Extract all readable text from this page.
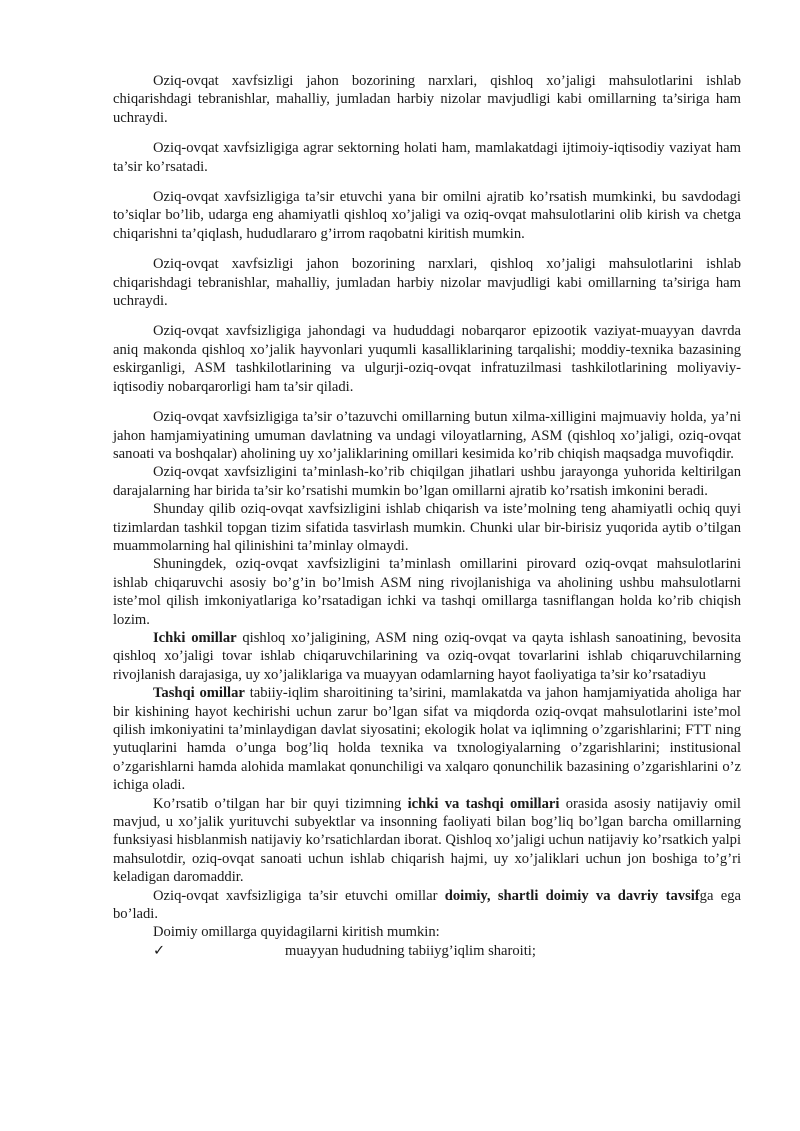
Oziq-ovqat xavfsizligi jahon bozorining narxlari, qishloq xo’jaligi mahsulotlarini ishlab chiqarishdagi tebranishlar, mahalliy, jumladan harbiy nizolar mavjudligi kabi omillarning ta’siriga ham uchraydi.

Oziq-ovqat xavfsizligiga agrar sektorning holati ham, mamlakatdagi ijtimoiy-iqtisodiy vaziyat ham ta’sir ko’rsatadi.

Oziq-ovqat xavfsizligiga ta’sir etuvchi yana bir omilni ajratib ko’rsatish mumkinki, bu savdodagi to’siqlar bo’lib, udarga eng ahamiyatli qishloq xo’jaligi va oziq-ovqat mahsulotlarini olib kirish va chetga chiqarishni ta’qiqlash, hududlararo g’irrom raqobatni kiritish mumkin.

Oziq-ovqat xavfsizligi jahon bozorining narxlari, qishloq xo’jaligi mahsulotlarini ishlab chiqarishdagi tebranishlar, mahalliy, jumladan harbiy nizolar mavjudligi kabi omillarning ta’siriga ham uchraydi.

Oziq-ovqat xavfsizligiga jahondagi va hududdagi nobarqaror epizootik vaziyat-muayyan davrda aniq makonda qishloq xo’jalik hayvonlari yuqumli kasalliklarining tarqalishi; moddiy-texnika bazasining eskirganligi, ASM tashkilotlarining va ulgurji-oziq-ovqat infratuzilmasi tashkilotlarining moliyaviy-iqtisodiy nobarqarorligi ham ta’sir qiladi.

Oziq-ovqat xavfsizligiga ta’sir o’tazuvchi omillarning butun xilma-xilligini majmuaviy holda, ya’ni jahon hamjamiyatining umuman davlatning va undagi viloyatlarning, ASM (qishloq xo’jaligi, oziq-ovqat sanoati va boshqalar) aholining uy xo’jaliklarining omillari kesimida ko’rib chiqish maqsadga muvofiqdir.

Oziq-ovqat xavfsizligini ta’minlash-ko’rib chiqilgan jihatlari ushbu jarayonga yuhorida keltirilgan darajalarning har birida ta’sir ko’rsatishi mumkin bo’lgan omillarni ajratib ko’rsatish imkonini beradi.

Shunday qilib oziq-ovqat xavfsizligini ishlab chiqarish va iste’molning teng ahamiyatli ochiq quyi tizimlardan tashkil topgan tizim sifatida tasvirlash mumkin. Chunki ular bir-birisiz yuqorida aytib o’tilgan muammolarning hal qilinishini ta’minlay olmaydi.

Shuningdek, oziq-ovqat xavfsizligini ta’minlash omillarini pirovard oziq-ovqat mahsulotlarini ishlab chiqaruvchi asosiy bo’g’in bo’lmish ASM ning rivojlanishiga va aholining ushbu mahsulotlarni iste’mol qilish imkoniyatlariga ko’rsatadigan ichki va tashqi omillarga tasniflangan holda ko’rib chiqish lozim.

Ichki omillar qishloq xo’jaligining, ASM ning oziq-ovqat va qayta ishlash sanoatining, bevosita qishloq xo’jaligi tovar ishlab chiqaruvchilarining va oziq-ovqat tovarlarini ishlab chiqaruvchilarning rivojlanish darajasiga, uy xo’jaliklariga va muayyan odamlarning hayot faoliyatiga ta’sir ko’rsatadiyu

Tashqi omillar tabiiy-iqlim sharoitining ta’sirini, mamlakatda va jahon hamjamiyatida aholiga har bir kishining hayot kechirishi uchun zarur bo’lgan sifat va miqdorda oziq-ovqat mahsulotlarini iste’mol qilish imkoniyatini ta’minlaydigan davlat siyosatini; ekologik holat va iqlimning o’zgarishlarini; FTT ning yutuqlarini hamda o’unga bog’liq holda texnika va txnologiyalarning o’zgarishlarini; institusional o’zgarishlarni hamda alohida mamlakat qonunchiligi va xalqaro qonunchilik bazasining o’zgarishlarini o’z ichiga oladi.

Ko’rsatib o’tilgan har bir quyi tizimning ichki va tashqi omillari orasida asosiy natijaviy omil mavjud, u xo’jalik yurituvchi subyektlar va insonning faoliyati bilan bog’liq bo’lgan barcha omillarning funksiyasi hisblanmish natijaviy ko’rsatichlardan iborat. Qishloq xo’jaligi uchun natijaviy ko’rsatkich yalpi mahsulotdir, oziq-ovqat sanoati uchun ishlab chiqarish hajmi, uy xo’jaliklari uchun jon boshiga to’g’ri keladigan daromaddir.

Oziq-ovqat xavfsizligiga ta’sir etuvchi omillar doimiy, shartli doimiy va davriy tavsifga ega bo’ladi.

Doimiy omillarga quyidagilarni kiritish mumkin:

✓	muayyan hududning tabiiyg’iqlim sharoiti;
